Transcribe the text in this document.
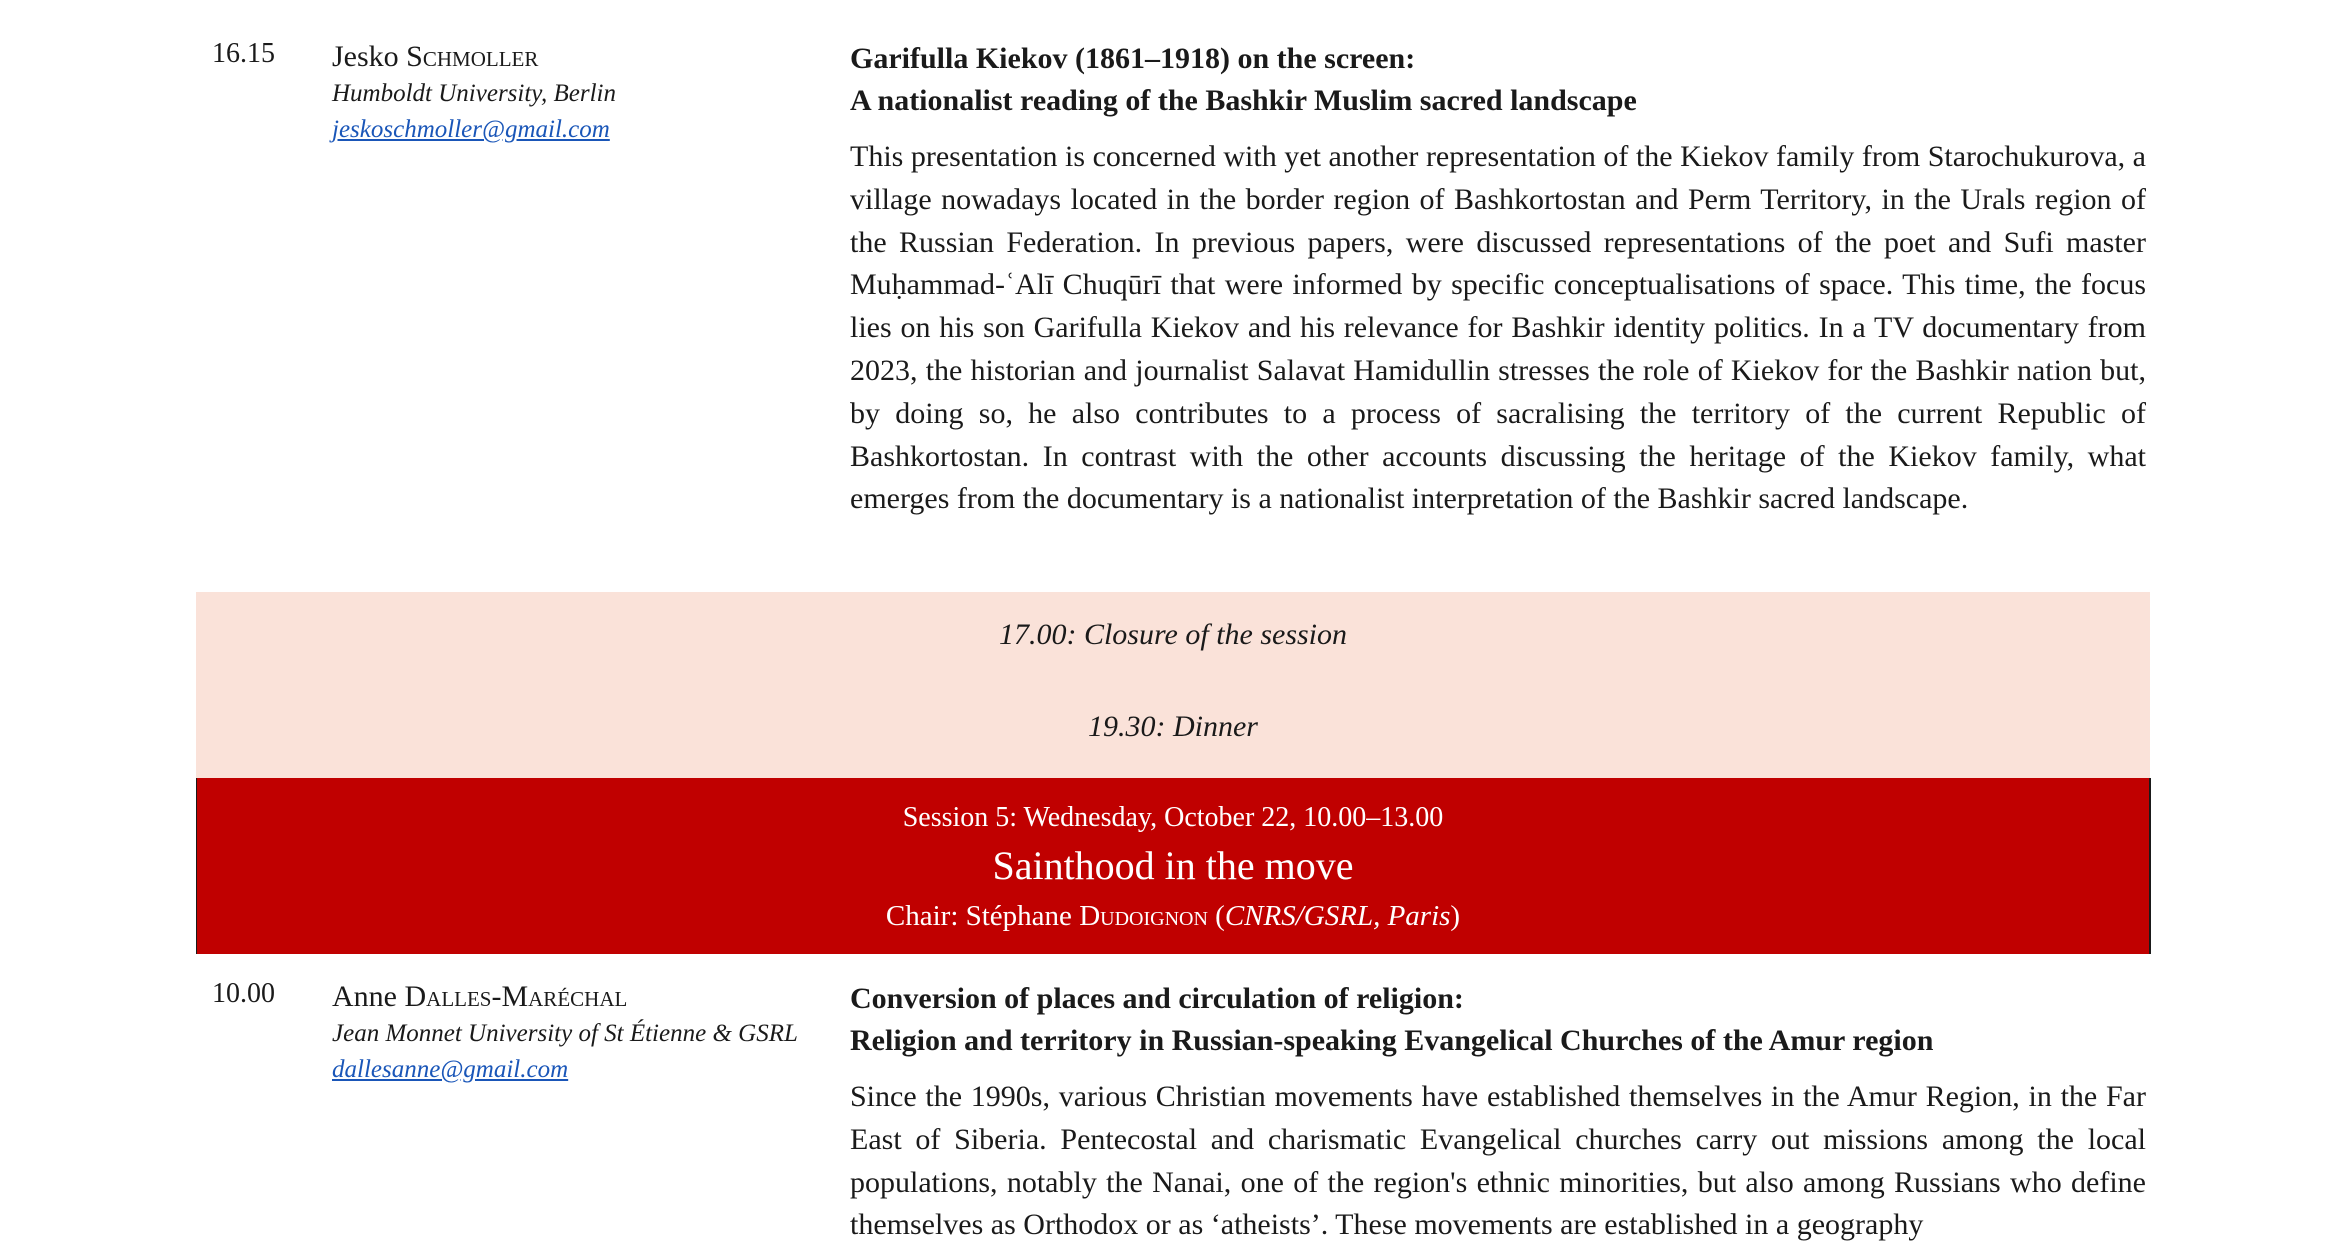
16.15 Jesko Schmoller
Humboldt University, Berlin
jeskoschmoller@gmail.com

Garifulla Kiekov (1861–1918) on the screen:
A nationalist reading of the Bashkir Muslim sacred landscape

This presentation is concerned with yet another representation of the Kiekov family from Starochukurova, a village nowadays located in the border region of Bashkortostan and Perm Territory, in the Urals region of the Russian Federation. In previous papers, were discussed representations of the poet and Sufi master Muḥammad-ʿAlī Chuqūrī that were informed by specific conceptualisations of space. This time, the focus lies on his son Garifulla Kiekov and his relevance for Bashkir identity politics. In a TV documentary from 2023, the historian and journalist Salavat Hamidullin stresses the role of Kiekov for the Bashkir nation but, by doing so, he also contributes to a process of sacralising the territory of the current Republic of Bashkortostan. In contrast with the other accounts discussing the heritage of the Kiekov family, what emerges from the documentary is a nationalist interpretation of the Bashkir sacred landscape.

17.00: Closure of the session
19.30: Dinner
Session 5: Wednesday, October 22, 10.00–13.00
Sainthood in the move
Chair: Stéphane Dudoignon (CNRS/GSRL, Paris)
10.00 Anne Dalles-Maréchal
Jean Monnet University of St Étienne & GSRL
dallesanne@gmail.com

Conversion of places and circulation of religion:
Religion and territory in Russian-speaking Evangelical Churches of the Amur region

Since the 1990s, various Christian movements have established themselves in the Amur Region, in the Far East of Siberia. Pentecostal and charismatic Evangelical churches carry out missions among the local populations, notably the Nanai, one of the region's ethnic minorities, but also among Russians who define themselves as Orthodox or as ‘atheists’. These movements are established in a geography
